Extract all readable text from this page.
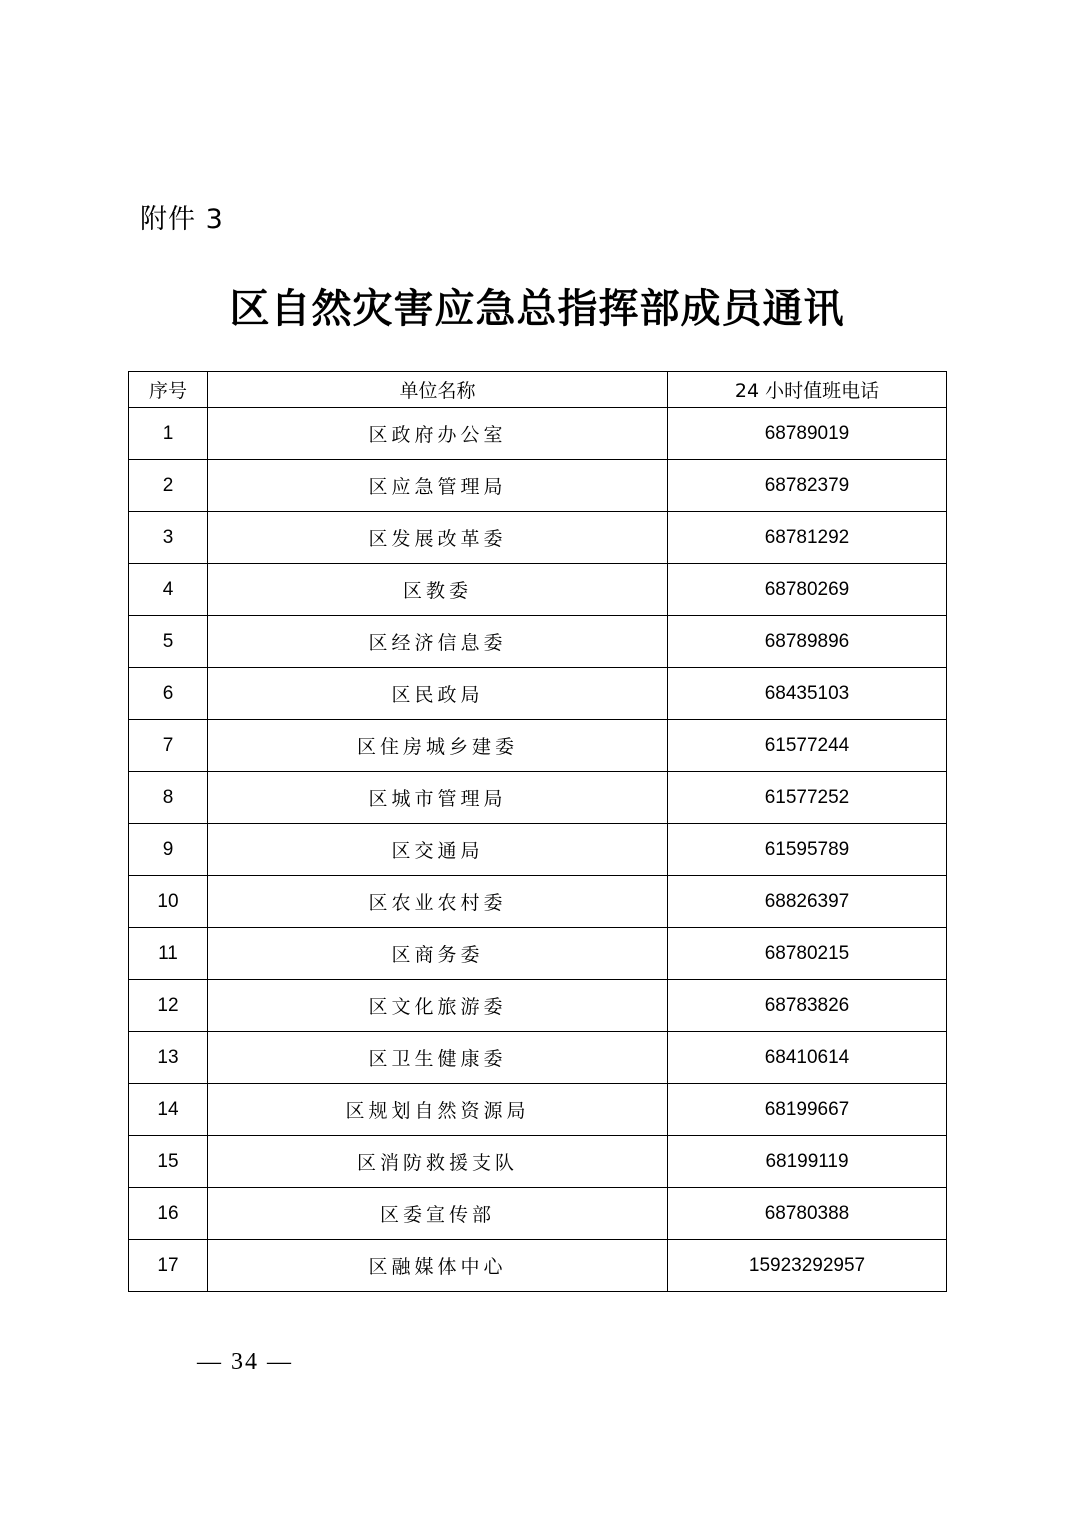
附件 3
区自然灾害应急总指挥部成员通讯
序号	单位名称	24 小时值班电话
1	区政府办公室	68789019
2	区应急管理局	68782379
3	区发展改革委	68781292
4	区教委	68780269
5	区经济信息委	68789896
6	区民政局	68435103
7	区住房城乡建委	61577244
8	区城市管理局	61577252
9	区交通局	61595789
10	区农业农村委	68826397
11	区商务委	68780215
12	区文化旅游委	68783826
13	区卫生健康委	68410614
14	区规划自然资源局	68199667
15	区消防救援支队	68199119
16	区委宣传部	68780388
17	区融媒体中心	15923292957
— 34 —
